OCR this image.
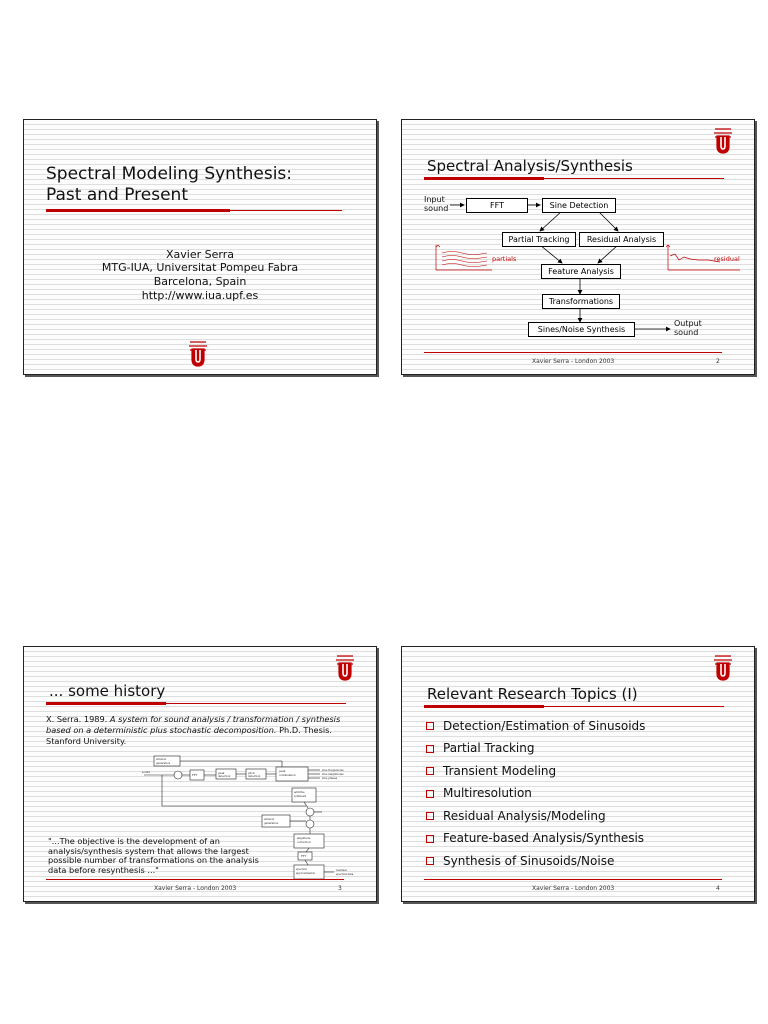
Spectral Modeling Synthesis:
Past and Present
Xavier Serra
MTG-IUA, Universitat Pompeu Fabra
Barcelona, Spain
http://www.iua.upf.es
Spectral Analysis/Synthesis
Input
sound	FFT	Sine Detection
Partial Tracking	Residual Analysis
partials	residual
Feature Analysis
Transformations
Sines/Noise Synthesis
Output
sound
Xavier Serra - London 2003	2
... some history
X. Serra. 1989. A system for sound analysis / transformation / synthesis based on a deterministic plus stochastic decomposition. Ph.D. Thesis. Stanford University.
window
generation
FFT
peak
detection
pitch
detection
peak
continuation
sine frequencies
sine magnitudes
sine phases
additive
synthesis
window
generation
amplitude
correction
FFT
spectral
approximation
residual
spectral data
sound
"...The objective is the development of an analysis/synthesis system that allows the largest possible number of transformations on the analysis data before resynthesis ..."
Xavier Serra - London 2003	3
Relevant Research Topics (I)
Detection/Estimation of Sinusoids
Partial Tracking
Transient Modeling
Multiresolution
Residual Analysis/Modeling
Feature-based Analysis/Synthesis
Synthesis of Sinusoids/Noise
Xavier Serra - London 2003	4
